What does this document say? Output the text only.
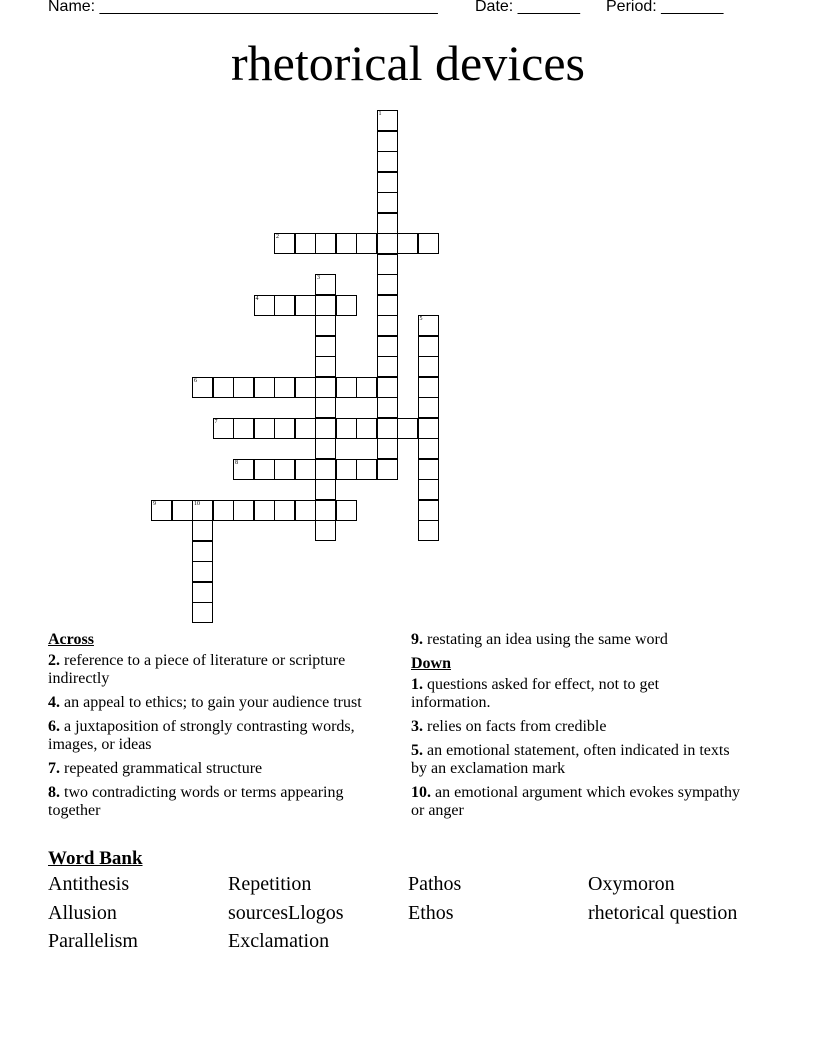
Name: ______________________________________ Date: _______ Period: _______
rhetorical devices
1
2
3
4
5
6
7
8
9	10
Across
2. reference to a piece of literature or scripture indirectly
4. an appeal to ethics; to gain your audience trust
6. a juxtaposition of strongly contrasting words, images, or ideas
7. repeated grammatical structure
8. two contradicting words or terms appearing together
9. restating an idea using the same word
Down
1. questions asked for effect, not to get information.
3. relies on facts from credible
5. an emotional statement, often indicated in texts by an exclamation mark
10. an emotional argument which evokes sympathy or anger
Word Bank
Antithesis	Repetition	Pathos	Oxymoron
Allusion	sourcesLlogos	Ethos	rhetorical question
Parallelism	Exclamation
